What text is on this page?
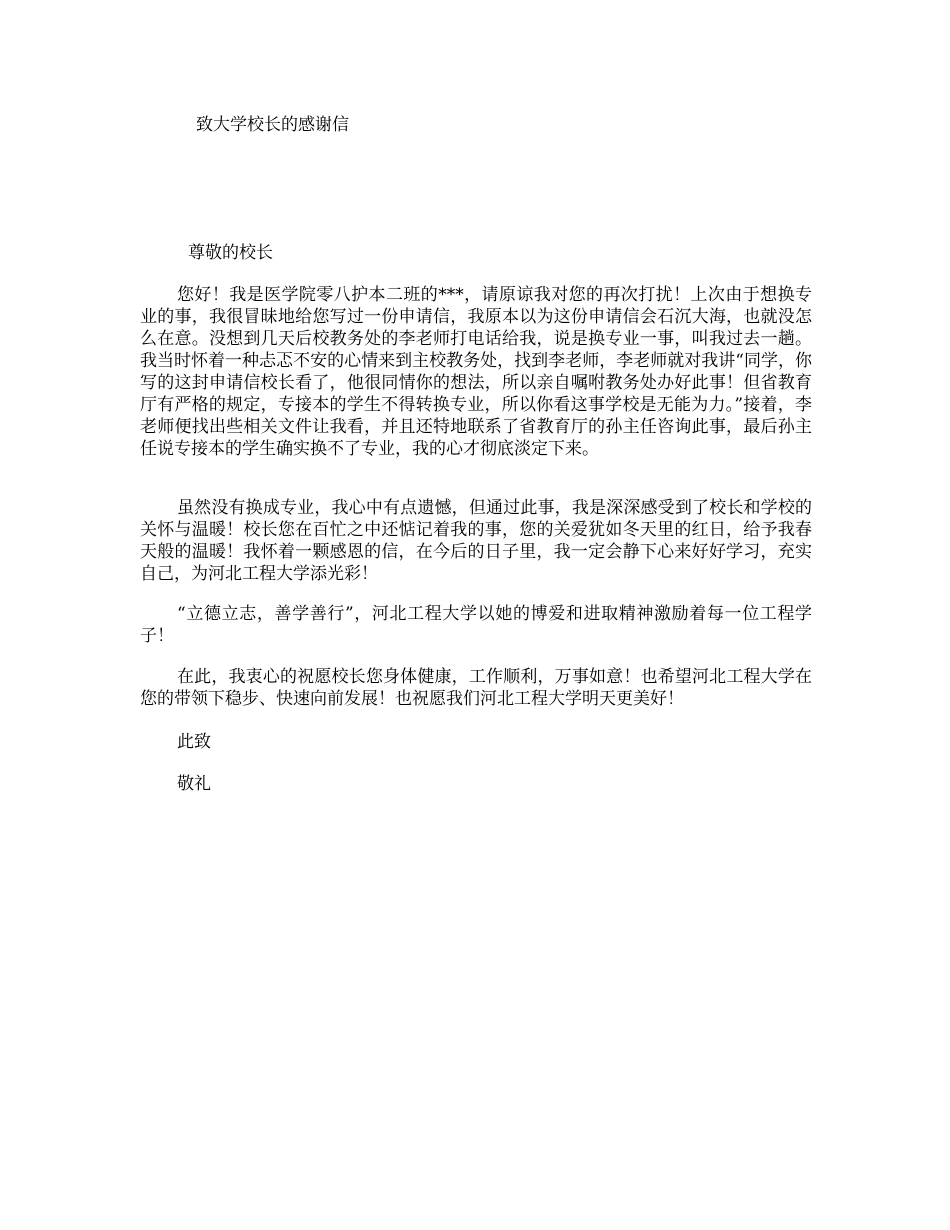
致大学校长的感谢信
尊敬的校长

您好！我是医学院零八护本二班的***，请原谅我对您的再次打扰！上次由于想换专业的事，我很冒昧地给您写过一份申请信，我原本以为这份申请信会石沉大海，也就没怎么在意。没想到几天后校教务处的李老师打电话给我，说是换专业一事，叫我过去一趟。我当时怀着一种忐忑不安的心情来到主校教务处，找到李老师，李老师就对我讲“同学，你写的这封申请信校长看了，他很同情你的想法，所以亲自嘱咐教务处办好此事！但省教育厅有严格的规定，专接本的学生不得转换专业，所以你看这事学校是无能为力。”接着，李老师便找出些相关文件让我看，并且还特地联系了省教育厅的孙主任咨询此事，最后孙主任说专接本的学生确实换不了专业，我的心才彻底淡定下来。

虽然没有换成专业，我心中有点遗憾，但通过此事，我是深深感受到了校长和学校的关怀与温暖！校长您在百忙之中还惦记着我的事，您的关爱犹如冬天里的红日，给予我春天般的温暖！我怀着一颗感恩的信，在今后的日子里，我一定会静下心来好好学习，充实自己，为河北工程大学添光彩！

“立德立志，善学善行”，河北工程大学以她的博爱和进取精神激励着每一位工程学子！

在此，我衷心的祝愿校长您身体健康，工作顺利，万事如意！也希望河北工程大学在您的带领下稳步、快速向前发展！也祝愿我们河北工程大学明天更美好！

此致
敬礼
